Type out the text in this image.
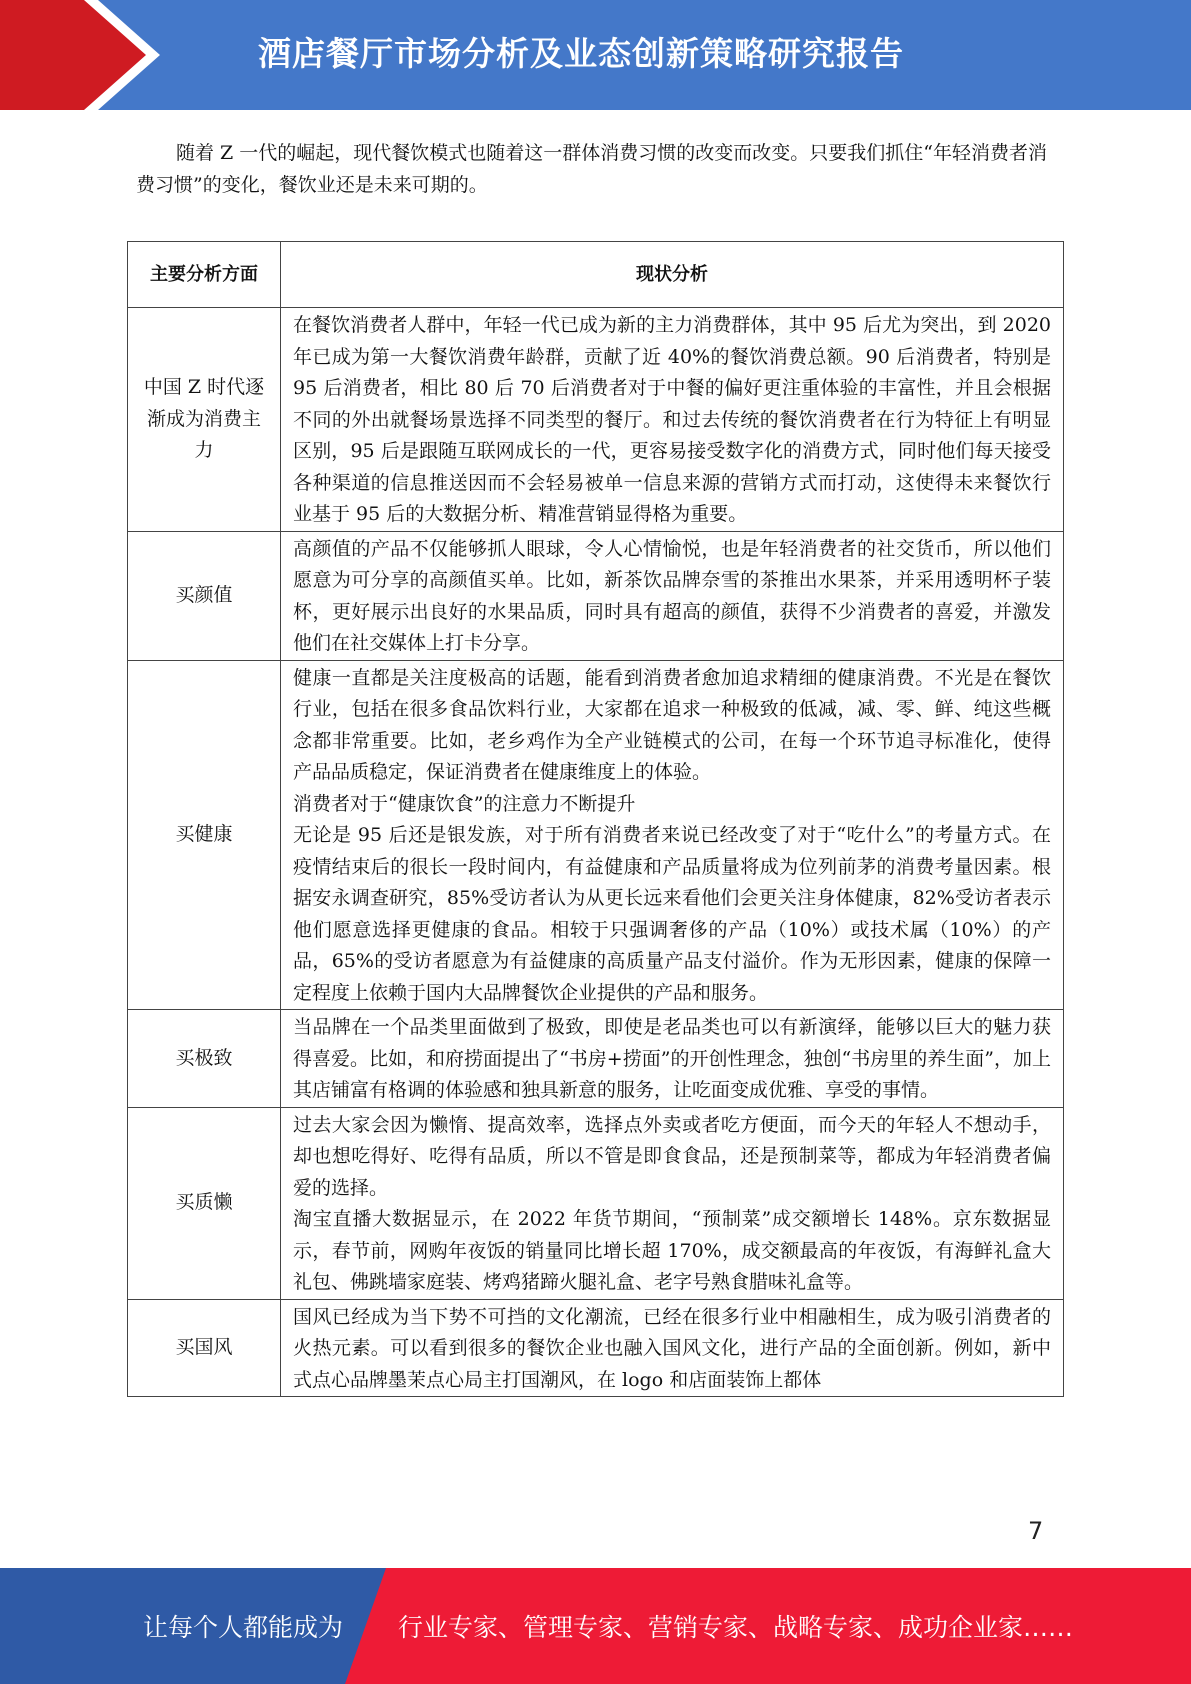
酒店餐厅市场分析及业态创新策略研究报告

随着 Z 一代的崛起，现代餐饮模式也随着这一群体消费习惯的改变而改变。只要我们抓住“年轻消费者消费习惯”的变化，餐饮业还是未来可期的。

主要分析方面	现状分析
中国 Z 时代逐渐成为消费主力	在餐饮消费者人群中，年轻一代已成为新的主力消费群体，其中 95 后尤为突出，到 2020 年已成为第一大餐饮消费年龄群，贡献了近 40%的餐饮消费总额。90 后消费者，特别是 95 后消费者，相比 80 后 70 后消费者对于中餐的偏好更注重体验的丰富性，并且会根据不同的外出就餐场景选择不同类型的餐厅。和过去传统的餐饮消费者在行为特征上有明显区别，95 后是跟随互联网成长的一代，更容易接受数字化的消费方式，同时他们每天接受各种渠道的信息推送因而不会轻易被单一信息来源的营销方式而打动，这使得未来餐饮行业基于 95 后的大数据分析、精准营销显得格为重要。

买颜值	高颜值的产品不仅能够抓人眼球，令人心情愉悦，也是年轻消费者的社交货币，所以他们愿意为可分享的高颜值买单。比如，新茶饮品牌奈雪的茶推出水果茶，并采用透明杯子装杯，更好展示出良好的水果品质，同时具有超高的颜值，获得不少消费者的喜爱，并激发他们在社交媒体上打卡分享。

买健康	健康一直都是关注度极高的话题，能看到消费者愈加追求精细的健康消费。不光是在餐饮行业，包括在很多食品饮料行业，大家都在追求一种极致的低减，减、零、鲜、纯这些概念都非常重要。比如，老乡鸡作为全产业链模式的公司，在每一个环节追寻标准化，使得产品品质稳定，保证消费者在健康维度上的体验。

消费者对于“健康饮食”的注意力不断提升

无论是 95 后还是银发族，对于所有消费者来说已经改变了对于“吃什么”的考量方式。在疫情结束后的很长一段时间内，有益健康和产品质量将成为位列前茅的消费考量因素。根据安永调查研究，85%受访者认为从更长远来看他们会更关注身体健康，82%受访者表示他们愿意选择更健康的食品。相较于只强调奢侈的产品（10%）或技术属（10%）的产品，65%的受访者愿意为有益健康的高质量产品支付溢价。作为无形因素，健康的保障一定程度上依赖于国内大品牌餐饮企业提供的产品和服务。

买极致	当品牌在一个品类里面做到了极致，即使是老品类也可以有新演绎，能够以巨大的魅力获得喜爱。比如，和府捞面提出了“书房+捞面”的开创性理念，独创“书房里的养生面”，加上其店铺富有格调的体验感和独具新意的服务，让吃面变成优雅、享受的事情。

买质懒	过去大家会因为懒惰、提高效率，选择点外卖或者吃方便面，而今天的年轻人不想动手，却也想吃得好、吃得有品质，所以不管是即食食品，还是预制菜等，都成为年轻消费者偏爱的选择。

淘宝直播大数据显示，在 2022 年货节期间，“预制菜”成交额增长 148%。京东数据显示，春节前，网购年夜饭的销量同比增长超 170%，成交额最高的年夜饭，有海鲜礼盒大礼包、佛跳墙家庭装、烤鸡猪蹄火腿礼盒、老字号熟食腊味礼盒等。

买国风	国风已经成为当下势不可挡的文化潮流，已经在很多行业中相融相生，成为吸引消费者的火热元素。可以看到很多的餐饮企业也融入国风文化，进行产品的全面创新。例如，新中式点心品牌墨茉点心局主打国潮风，在 logo 和店面装饰上都体

7
让每个人都能成为 行业专家、管理专家、营销专家、战略专家、成功企业家……
